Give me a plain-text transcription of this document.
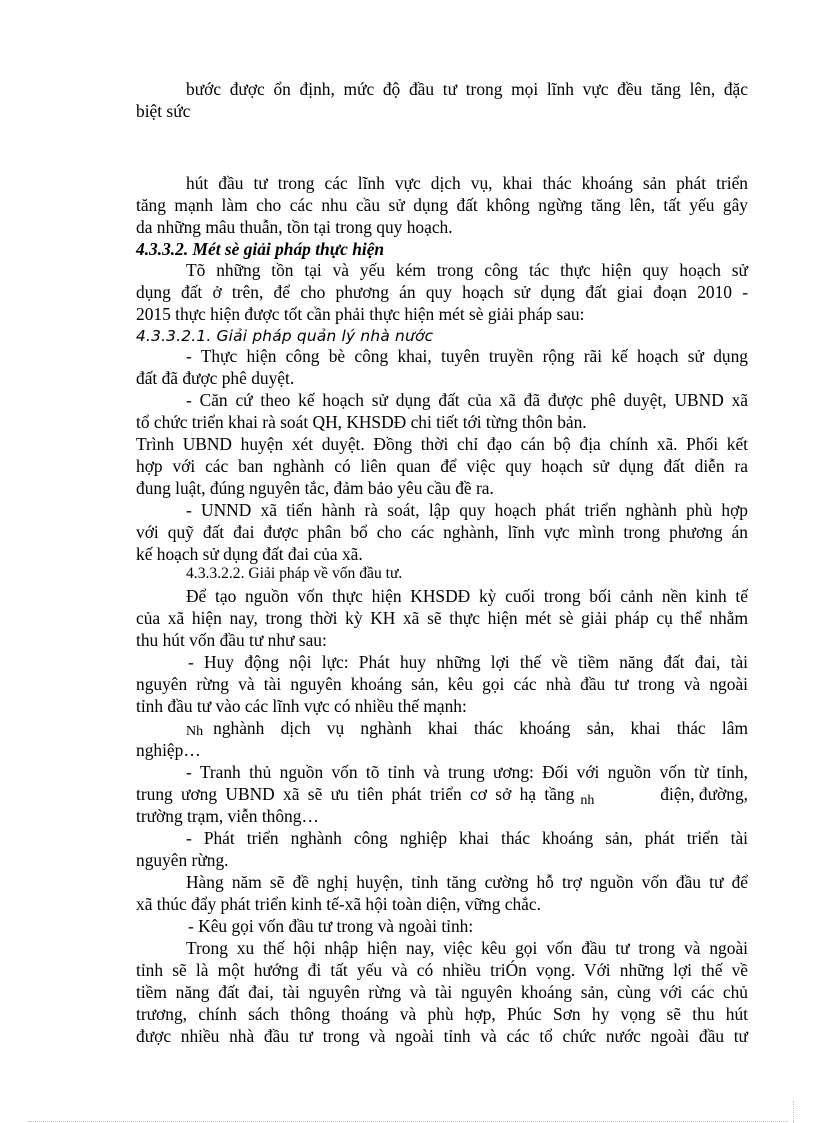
bước được ổn định, mức độ đầu tư trong mọi lĩnh vực đều tăng lên, đặc
biệt sức
hút đầu tư trong các lĩnh vực dịch vụ, khai thác khoáng sản phát triển
tăng mạnh làm cho các nhu cầu sử dụng đất không ngừng tăng lên, tất yếu gây
da những mâu thuẫn, tồn tại trong quy hoạch.
4.3.3.2. Mét sè giải pháp thực hiện
Tõ những tồn tại và yếu kém trong công tác thực hiện quy hoạch sử
dụng đất ở trên, để cho phương án quy hoạch sử dụng đất giai đoạn 2010 -
2015 thực hiện được tốt cần phải thực hiện mét sè giải pháp sau:
4.3.3.2.1. Giải pháp quản lý nhà nước
- Thực hiện công bè công khai, tuyên truyền rộng rãi kế hoạch sử dụng
đất đã được phê duyệt.
- Căn cứ theo kế hoạch sử dụng đất của xã đã được phê duyệt, UBND xã
tổ chức triển khai rà soát QH, KHSDĐ chi tiết tới từng thôn bản.
Trình UBND huyện xét duyệt. Đồng thời chỉ đạo cán bộ địa chính xã. Phối kết
hợp với các ban nghành có liên quan để việc quy hoạch sử dụng đất diễn ra
đung luật, đúng nguyên tắc, đảm bảo yêu cầu đề ra.
- UNND xã tiến hành rà soát, lập quy hoạch phát triển nghành phù hợp
với quỹ đất đai được phân bổ cho các nghành, lĩnh vực mình trong phương án
kế hoạch sử dụng đất đai của xã.
4.3.3.2.2. Giải pháp về vốn đầu tư.
Để tạo nguồn vốn thực hiện KHSDĐ kỳ cuối trong bối cảnh nền kinh tế
của xã hiện nay, trong thời kỳ KH xã sẽ thực hiện mét sè giải pháp cụ thể nhằm
thu hút vốn đầu tư như sau:
- Huy động nội lực: Phát huy những lợi thế về tiềm năng đất đai, tài
nguyên rừng và tài nguyên khoáng sản, kêu gọi các nhà đầu tư trong và ngoài
tỉnh đầu tư vào các lĩnh vực có nhiều thế mạnh:
Nh nghành dịch vụ nghành khai thác khoáng sản, khai thác lâm
nghiệp…
- Tranh thủ nguồn vốn tõ tỉnh và trung ương: Đối với nguồn vốn từ tỉnh,
trung ương UBND xã sẽ ưu tiên phát triển cơ sở hạ tầng nh	điện, đường,
trường trạm, viễn thông…
- Phát triển nghành công nghiệp khai thác khoáng sản, phát triển tài
nguyên rừng.
Hàng năm sẽ đề nghị huyện, tỉnh tăng cường hỗ trợ nguồn vốn đầu tư để
xã thúc đẩy phát triển kinh tế-xã hội toàn diện, vững chắc.
- Kêu gọi vốn đầu tư trong và ngoài tỉnh:
Trong xu thế hội nhập hiện nay, việc kêu gọi vốn đầu tư trong và ngoài
tỉnh sẽ là một hướng đi tất yếu và có nhiều triÓn vọng. Với những lợi thế về
tiềm năng đất đai, tài nguyên rừng và tài nguyên khoáng sản, cùng với các chủ
trương, chính sách thông thoáng và phù hợp, Phúc Sơn hy vọng sẽ thu hút
được nhiều nhà đầu tư trong và ngoài tỉnh và các tổ chức nước ngoài đầu tư
